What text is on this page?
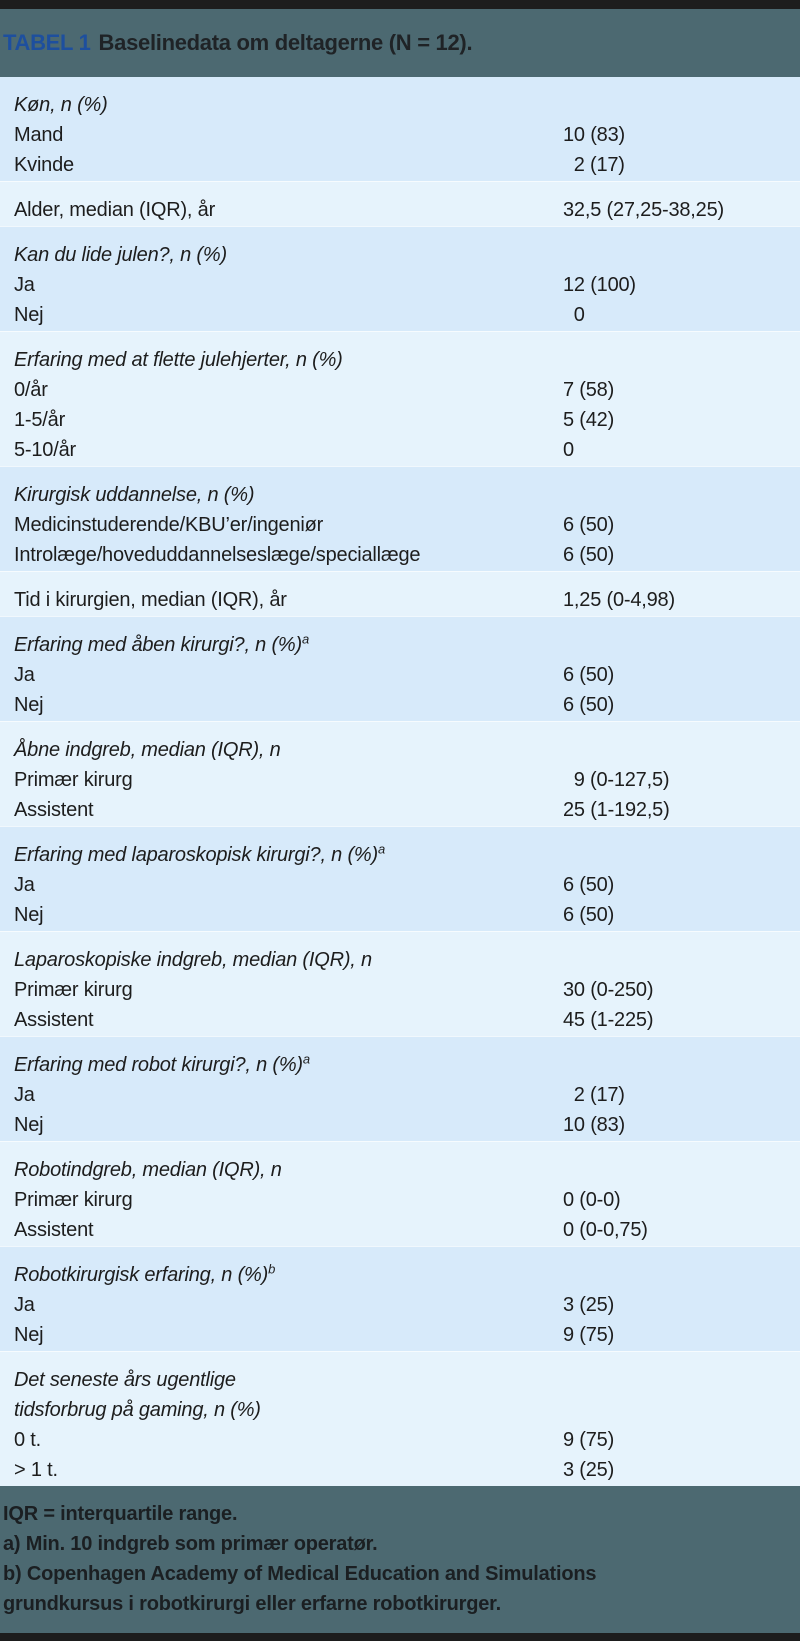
TABEL 1 Baselinedata om deltagerne (N = 12).
Køn, n (%)
Mand	10 (83)
Kvinde	2 (17)
Alder, median (IQR), år	32,5 (27,25-38,25)
Kan du lide julen?, n (%)
Ja	12 (100)
Nej	0
Erfaring med at flette julehjerter, n (%)
0/år	7 (58)
1-5/år	5 (42)
5-10/år	0
Kirurgisk uddannelse, n (%)
Medicinstuderende/KBU’er/ingeniør	6 (50)
Introlæge/hoveduddannelseslæge/speciallæge	6 (50)
Tid i kirurgien, median (IQR), år	1,25 (0-4,98)
Erfaring med åben kirurgi?, n (%)$^a$
Ja	6 (50)
Nej	6 (50)
Åbne indgreb, median (IQR), n
Primær kirurg	9 (0-127,5)
Assistent	25 (1-192,5)
Erfaring med laparoskopisk kirurgi?, n (%)$^a$
Ja	6 (50)
Nej	6 (50)
Laparoskopiske indgreb, median (IQR), n
Primær kirurg	30 (0-250)
Assistent	45 (1-225)
Erfaring med robot kirurgi?, n (%)$^a$
Ja	2 (17)
Nej	10 (83)
Robotindgreb, median (IQR), n
Primær kirurg	0 (0-0)
Assistent	0 (0-0,75)
Robotkirurgisk erfaring, n (%)$^b$
Ja	3 (25)
Nej	9 (75)
Det seneste års ugentlige
tidsforbrug på gaming, n (%)
0 t.	9 (75)
> 1 t.	3 (25)
IQR = interquartile range.
a) Min. 10 indgreb som primær operatør.
b) Copenhagen Academy of Medical Education and Simulations
grundkursus i robotkirurgi eller erfarne robotkirurger.
